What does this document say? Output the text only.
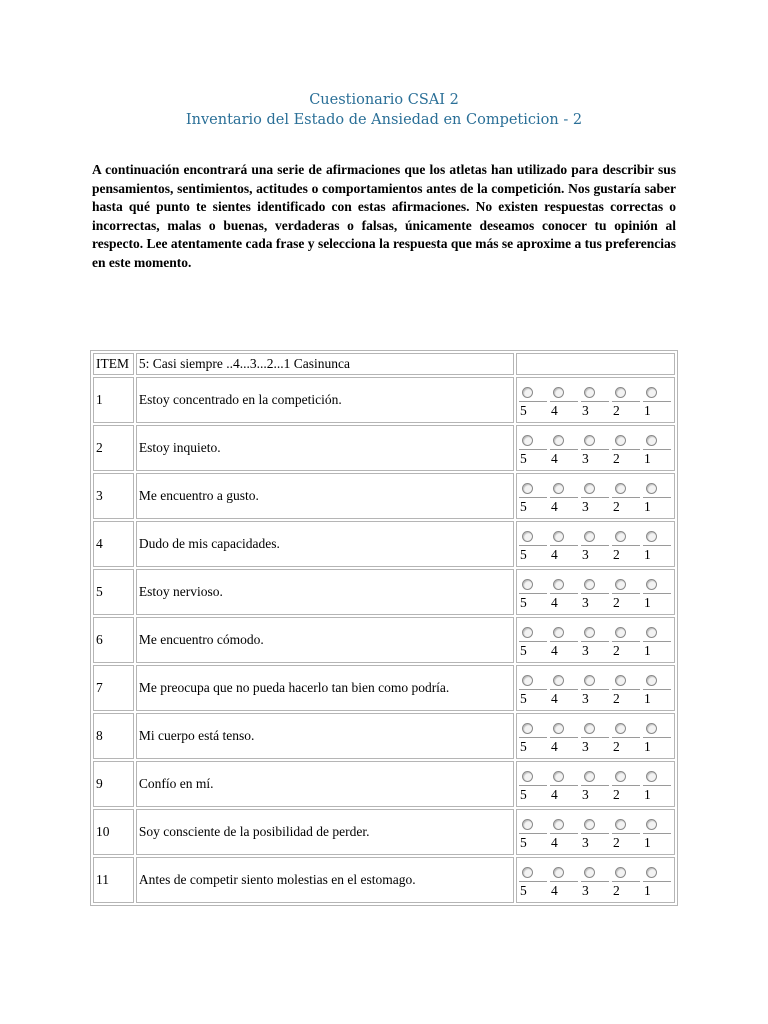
Cuestionario CSAI 2
Inventario del Estado de Ansiedad en Competicion - 2

A continuación encontrará una serie de afirmaciones que los atletas han utilizado para describir sus pensamientos, sentimientos, actitudes o comportamientos antes de la competición. Nos gustaría saber hasta qué punto te sientes identificado con estas afirmaciones. No existen respuestas correctas o incorrectas, malas o buenas, verdaderas o falsas, únicamente deseamos conocer tu opinión al respecto. Lee atentamente cada frase y selecciona la respuesta que más se aproxime a tus preferencias en este momento.

ITEM	5: Casi siempre ..4...3...2...1 Casinunca	
1	Estoy concentrado en la competición.	5 4 3 2 1

2	Estoy inquieto.	5 4 3 2 1

3	Me encuentro a gusto.	5 4 3 2 1

4	Dudo de mis capacidades.	5 4 3 2 1

5	Estoy nervioso.	5 4 3 2 1

6	Me encuentro cómodo.	5 4 3 2 1

7	Me preocupa que no pueda hacerlo tan bien como podría.	5 4 3 2 1

8	Mi cuerpo está tenso.	5 4 3 2 1

9	Confío en mí.	5 4 3 2 1

10	Soy consciente de la posibilidad de perder.	5 4 3 2 1

11	Antes de competir siento molestias en el estomago.	5 4 3 2 1
